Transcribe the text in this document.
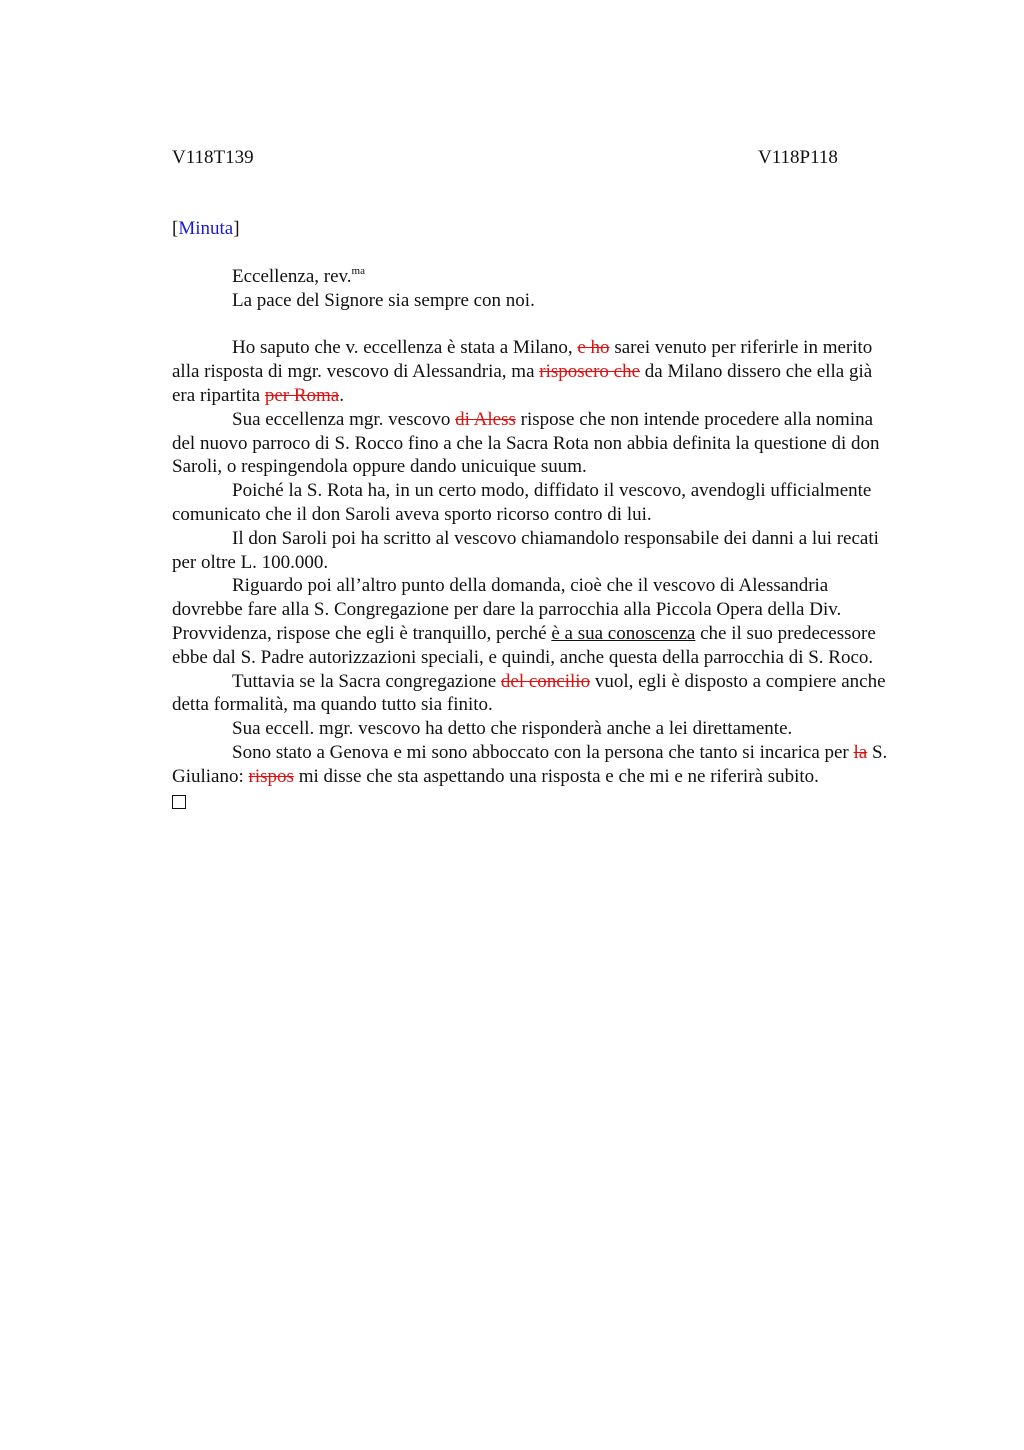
V118T139	V118P118
[Minuta]

Eccellenza, rev.$^{ma}$

La pace del Signore sia sempre con noi.

Ho saputo che v. eccellenza è stata a Milano, e ho sarei venuto per riferirle in merito alla risposta di mgr. vescovo di Alessandria, ma risposero che da Milano dissero che ella già era ripartita per Roma.

Sua eccellenza mgr. vescovo di Aless rispose che non intende procedere alla nomina del nuovo parroco di S. Rocco fino a che la Sacra Rota non abbia definita la questione di don Saroli, o respingendola oppure dando unicuique suum.

Poiché la S. Rota ha, in un certo modo, diffidato il vescovo, avendogli ufficialmente comunicato che il don Saroli aveva sporto ricorso contro di lui.

Il don Saroli poi ha scritto al vescovo chiamandolo responsabile dei danni a lui recati per oltre L. 100.000.

Riguardo poi all’altro punto della domanda, cioè che il vescovo di Alessandria dovrebbe fare alla S. Congregazione per dare la parrocchia alla Piccola Opera della Div. Provvidenza, rispose che egli è tranquillo, perché è a sua conoscenza che il suo predecessore ebbe dal S. Padre autorizzazioni speciali, e quindi, anche questa della parrocchia di S. Roco.

Tuttavia se la Sacra congregazione del concilio vuol, egli è disposto a compiere anche detta formalità, ma quando tutto sia finito.

Sua eccell. mgr. vescovo ha detto che risponderà anche a lei direttamente.

Sono stato a Genova e mi sono abboccato con la persona che tanto si incarica per la S. Giuliano: rispos mi disse che sta aspettando una risposta e che mi e ne riferirà subito.
